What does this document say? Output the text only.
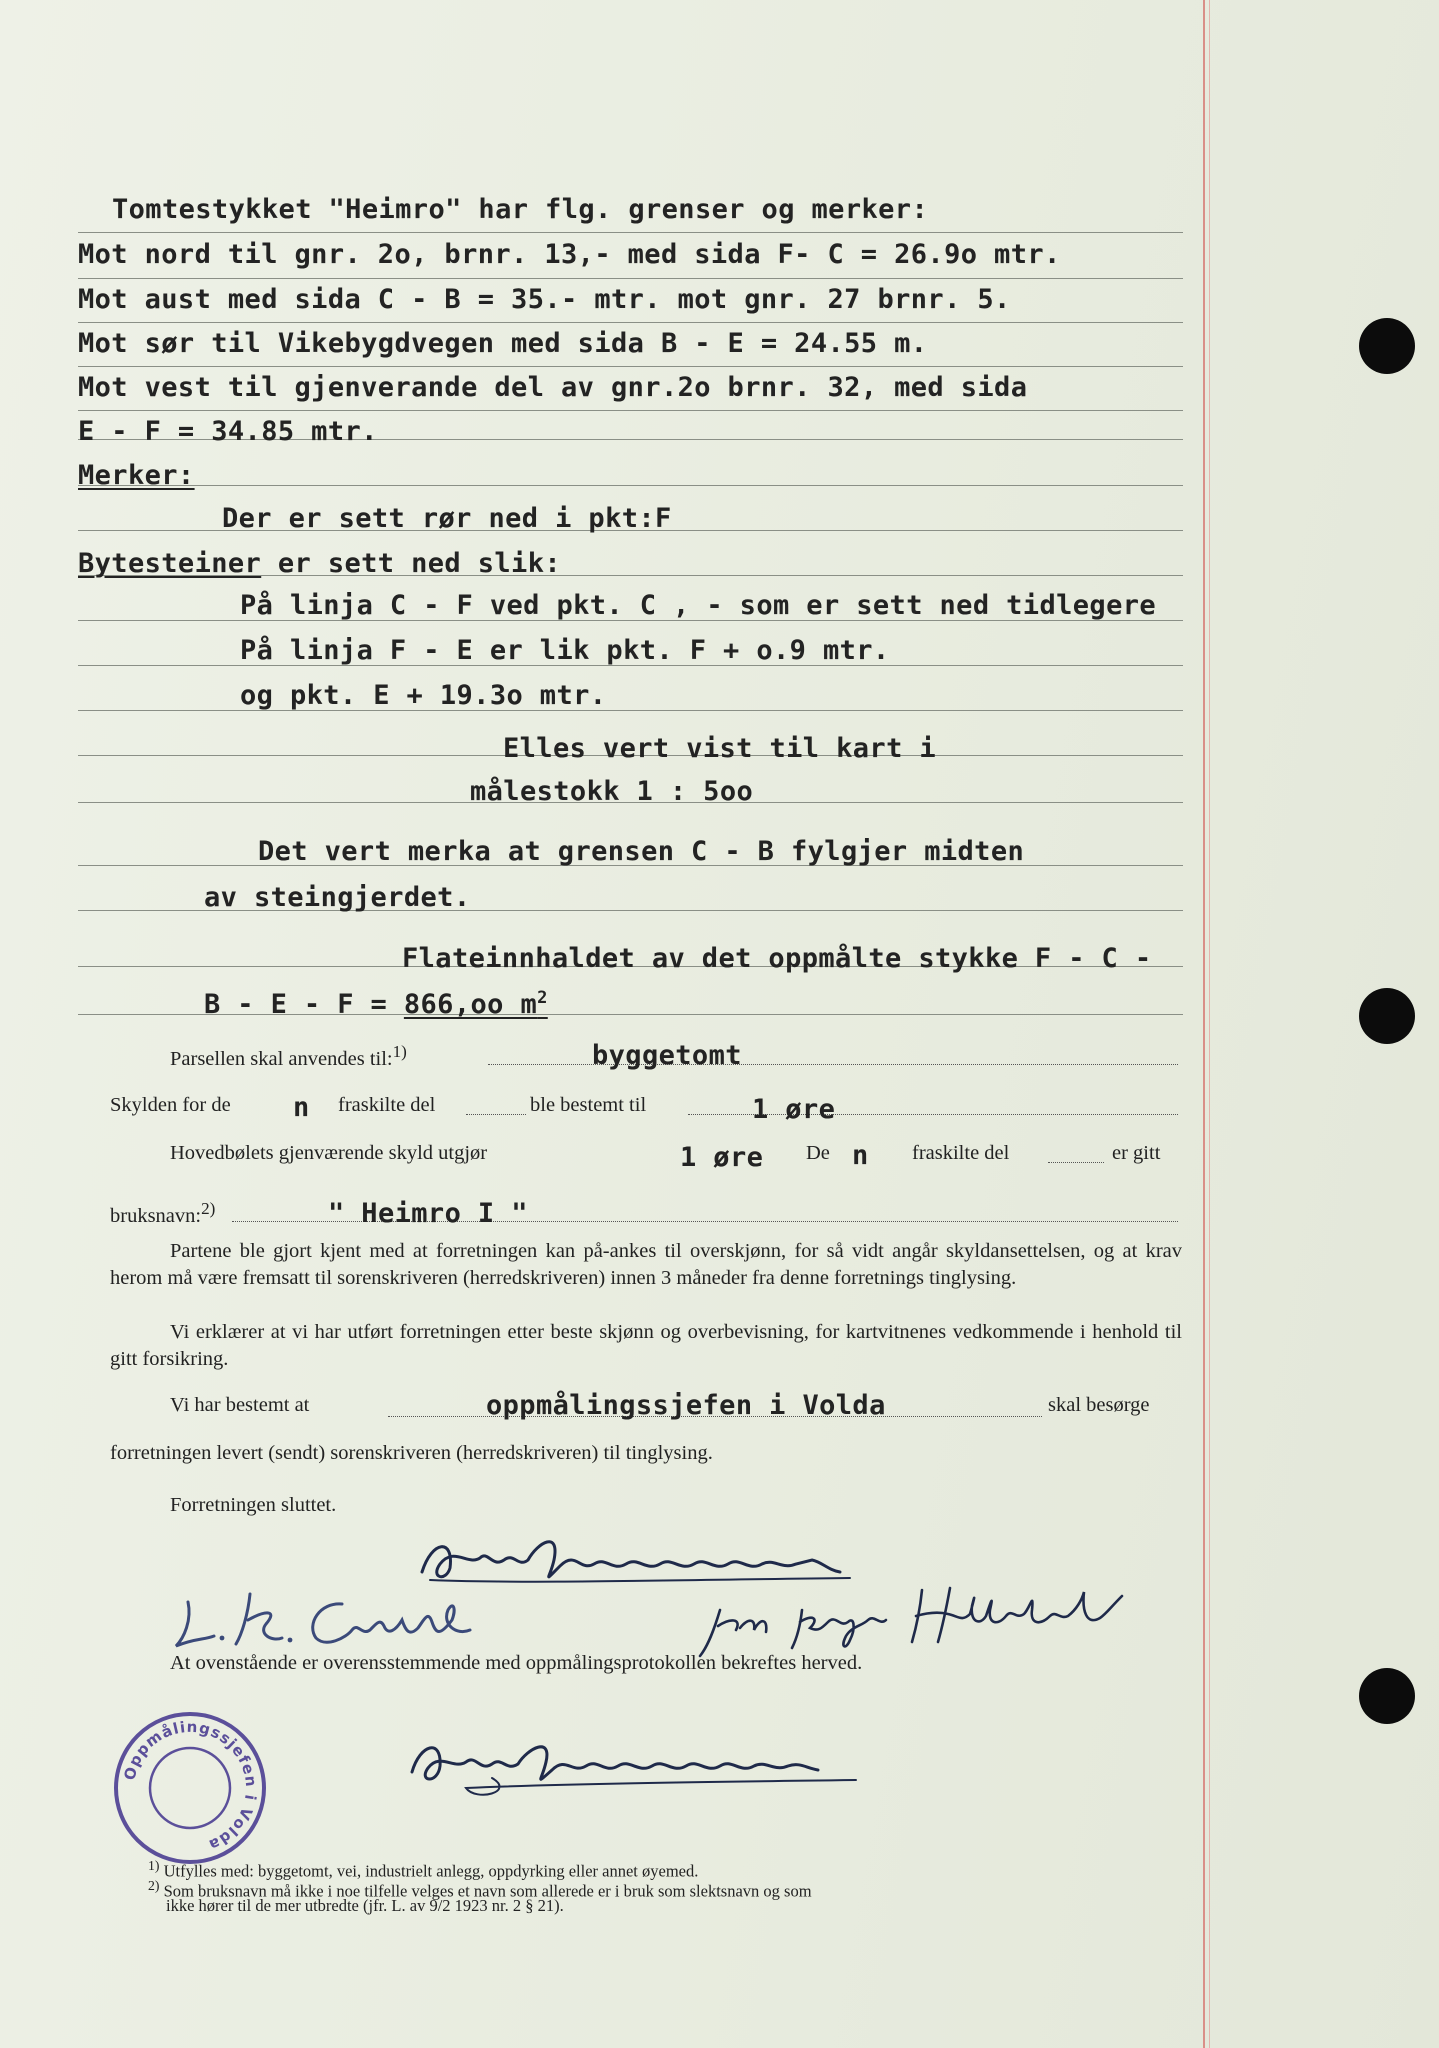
Tomtestykket "Heimro" har flg. grenser og merker:
Mot nord til gnr. 2o, brnr. 13,- med sida F- C = 26.9o mtr.
Mot aust med sida C - B = 35.- mtr. mot gnr. 27 brnr. 5.
Mot sør til Vikebygdvegen med sida B - E = 24.55 m.
Mot vest til gjenverande del av gnr.2o brnr. 32, med sida
E - F = 34.85 mtr.
Merker:
Der er sett rør ned i pkt:F
Bytesteiner er sett ned slik:
På linja C - F ved pkt. C , - som er sett ned tidlegere
På linja F - E er lik pkt. F + o.9 mtr.
og pkt. E + 19.3o mtr.
Elles vert vist til kart i
målestokk 1 : 5oo
Det vert merka at grensen C - B fylgjer midten
av steingjerdet.
Flateinnhaldet av det oppmålte stykke F - C -
B - E - F = 866,oo $m^2$
Parsellen skal anvendes til:$^{1)}$	byggetomt
Skylden for de n fraskilte del	ble bestemt til	1 øre
Hovedbølets gjenværende skyld utgjør	1 øre De n fraskilte del	er gitt
bruksnavn:$^{2)}$	" Heimro I "
Partene ble gjort kjent med at forretningen kan på-ankes til overskjønn, for så vidt angår skyldansettelsen, og at krav herom må være fremsatt til sorenskriveren (herredskriveren) innen 3 måneder fra denne forretnings tinglysing.
Vi erklærer at vi har utført forretningen etter beste skjønn og overbevisning, for kartvitnenes vedkommende i henhold til gitt forsikring.
Vi har bestemt at	oppmålingssjefen i Volda	skal besørge
forretningen levert (sendt) sorenskriveren (herredskriveren) til tinglysing.
Forretningen sluttet.
At ovenstående er overensstemmende med oppmålingsprotokollen bekreftes herved.
Oppmålingssjefen i Volda
$^{1)}$ Utfylles med: byggetomt, vei, industrielt anlegg, oppdyrking eller annet øyemed.
$^{2)}$ Som bruksnavn må ikke i noe tilfelle velges et navn som allerede er i bruk som slektsnavn og som
ikke hører til de mer utbredte (jfr. L. av 9/2 1923 nr. 2 § 21).
